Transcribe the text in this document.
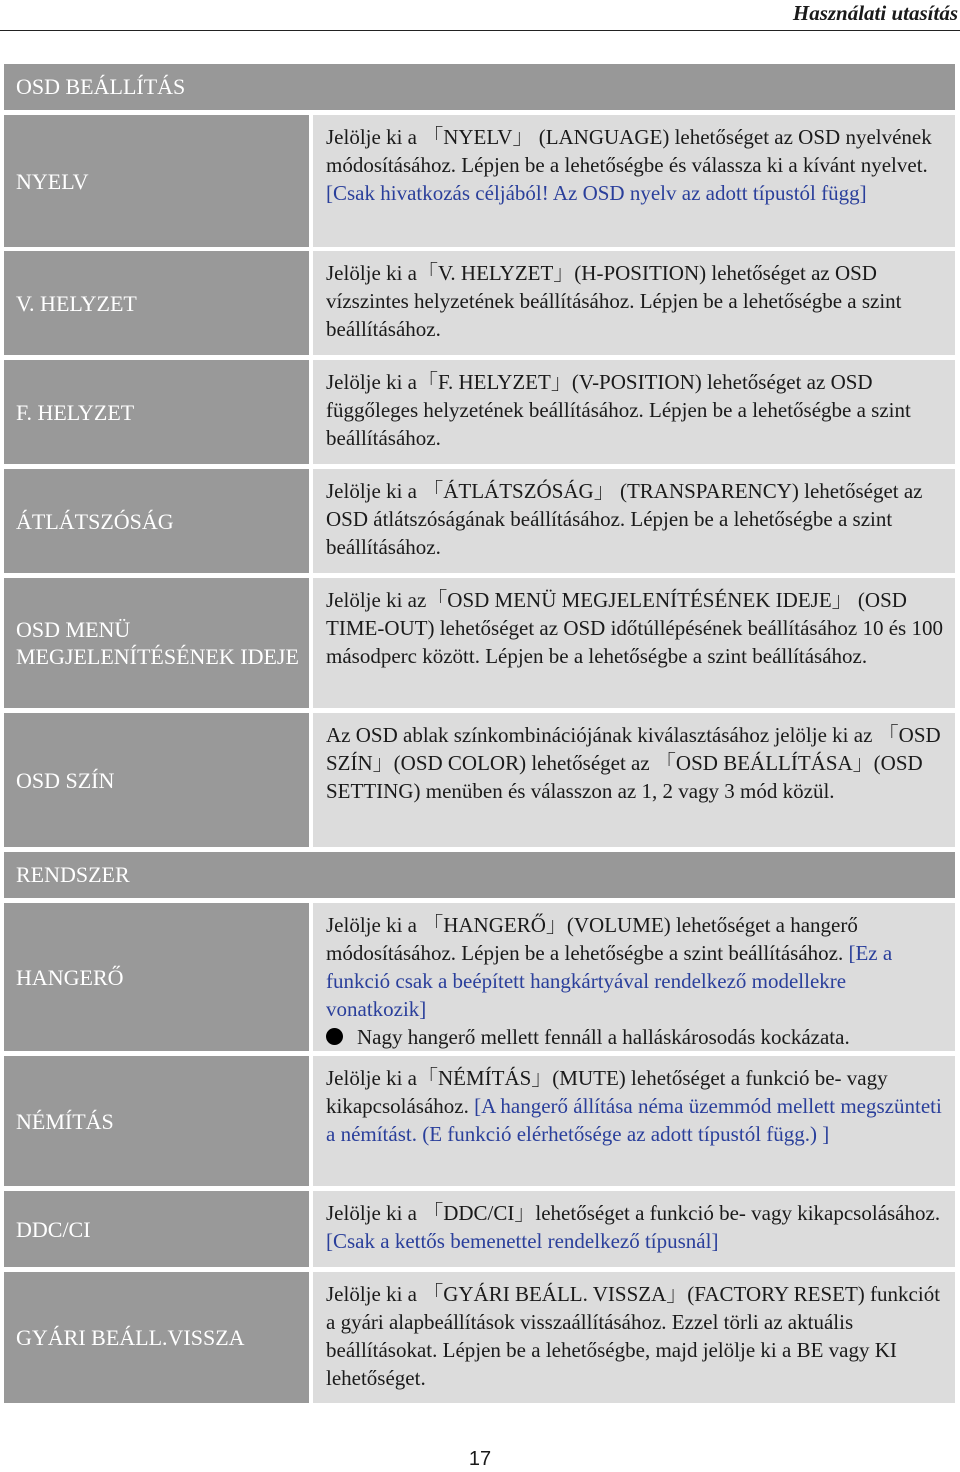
Használati utasítás
OSD BEÁLLÍTÁS
NYELV
Jelölje ki a 「NYELV」 (LANGUAGE) lehetőséget az OSD nyelvének módosításához. Lépjen be a lehetőségbe és válassza ki a kívánt nyelvet. [Csak hivatkozás céljából! Az OSD nyelv az adott típustól függ]
V. HELYZET
Jelölje ki a「V. HELYZET」(H-POSITION) lehetőséget az OSD vízszintes helyzetének beállításához. Lépjen be a lehetőségbe a szint beállításához.
F. HELYZET
Jelölje ki a「F. HELYZET」(V-POSITION) lehetőséget az OSD függőleges helyzetének beállításához. Lépjen be a lehetőségbe a szint beállításához.
ÁTLÁTSZÓSÁG
Jelölje ki a 「ÁTLÁTSZÓSÁG」 (TRANSPARENCY) lehetőséget az OSD átlátszóságának beállításához. Lépjen be a lehetőségbe a szint beállításához.
OSD MENÜ MEGJELENÍTÉSÉNEK IDEJE
Jelölje ki az「OSD MENÜ MEGJELENÍTÉSÉNEK IDEJE」 (OSD TIME-OUT) lehetőséget az OSD időtúllépésének beállításához 10 és 100 másodperc között. Lépjen be a lehetőségbe a szint beállításához.
OSD SZÍN
Az OSD ablak színkombinációjának kiválasztásához jelölje ki az 「OSD SZÍN」(OSD COLOR) lehetőséget az 「OSD BEÁLLÍTÁSA」(OSD SETTING) menüben és válasszon az 1, 2 vagy 3 mód közül.
RENDSZER
HANGERŐ
Jelölje ki a 「HANGERŐ」(VOLUME) lehetőséget a hangerő módosításához. Lépjen be a lehetőségbe a szint beállításához. [Ez a funkció csak a beépített hangkártyával rendelkező modellekre vonatkozik]
Nagy hangerő mellett fennáll a halláskárosodás kockázata.
NÉMÍTÁS
Jelölje ki a「NÉMÍTÁS」(MUTE) lehetőséget a funkció be- vagy kikapcsolásához. [A hangerő állítása néma üzemmód mellett megszünteti a némítást. (E funkció elérhetősége az adott típustól függ.) ]
DDC/CI
Jelölje ki a 「DDC/CI」lehetőséget a funkció be- vagy kikapcsolásához. [Csak a kettős bemenettel rendelkező típusnál]
GYÁRI BEÁLL.VISSZA
Jelölje ki a 「GYÁRI BEÁLL. VISSZA」(FACTORY RESET) funkciót a gyári alapbeállítások visszaállításához. Ezzel törli az aktuális beállításokat. Lépjen be a lehetőségbe, majd jelölje ki a BE vagy KI lehetőséget.
17
